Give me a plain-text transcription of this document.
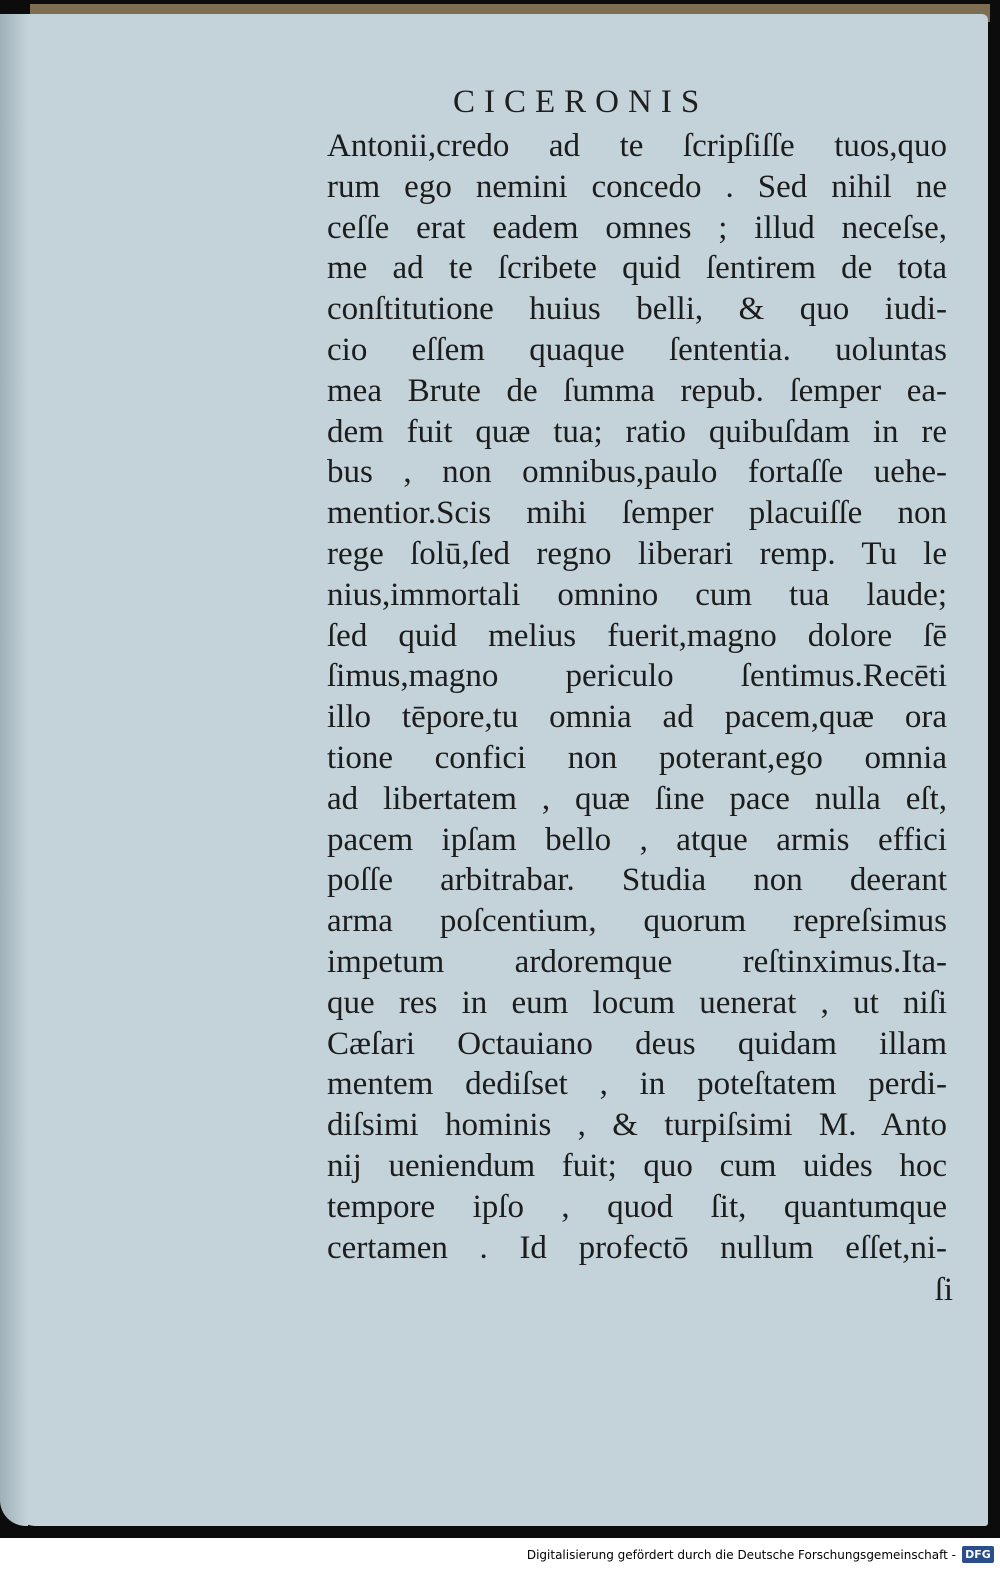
CICERONIS
Antonii,credo ad te ſcripſiſſe tuos,quo
rum ego nemini concedo . Sed nihil ne
ceſſe erat eadem omnes ; illud neceſse,
me ad te ſcribete quid ſentirem de tota
conſtitutione huius belli, & quo iudi-
cio eſſem quaque ſententia. uoluntas
mea Brute de ſumma repub. ſemper ea-
dem fuit quæ tua; ratio quibuſdam in re
bus , non omnibus,paulo fortaſſe uehe-
mentior.Scis mihi ſemper placuiſſe non
rege ſolū,ſed regno liberari remp. Tu le
nius,immortali omnino cum tua laude;
ſed quid melius fuerit,magno dolore ſē
ſimus,magno periculo ſentimus.Recēti
illo tēpore,tu omnia ad pacem,quæ ora
tione confici non poterant,ego omnia
ad libertatem , quæ ſine pace nulla eſt,
pacem ipſam bello , atque armis effici
poſſe arbitrabar. Studia non deerant
arma poſcentium, quorum repreſsimus
impetum ardoremque reſtinximus.Ita-
que res in eum locum uenerat , ut niſi
Cæſari Octauiano deus quidam illam
mentem dediſset , in poteſtatem perdi-
diſsimi hominis , & turpiſsimi M. Anto
nij ueniendum fuit; quo cum uides hoc
tempore ipſo , quod ſit, quantumque
certamen . Id profectō nullum eſſet,ni-
ſi
Digitalisierung gefördert durch die Deutsche Forschungsgemeinschaft - DFG
